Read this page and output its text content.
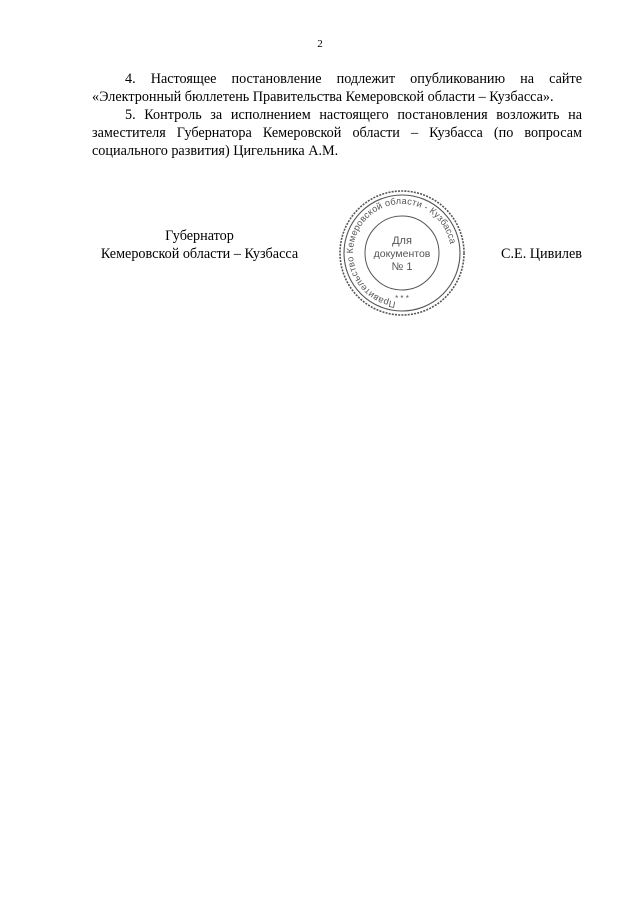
2

4. Настоящее постановление подлежит опубликованию на сайте «Электронный бюллетень Правительства Кемеровской области – Кузбасса».

5. Контроль за исполнением настоящего постановления возложить на заместителя Губернатора Кемеровской области – Кузбасса (по вопросам социального развития) Цигельника А.М.

Губернатор
Кемеровской области – Кузбасса	С.Е. Цивилев
Правительство Кемеровской области - Кузбасса
* * *
Для
документов
№ 1
